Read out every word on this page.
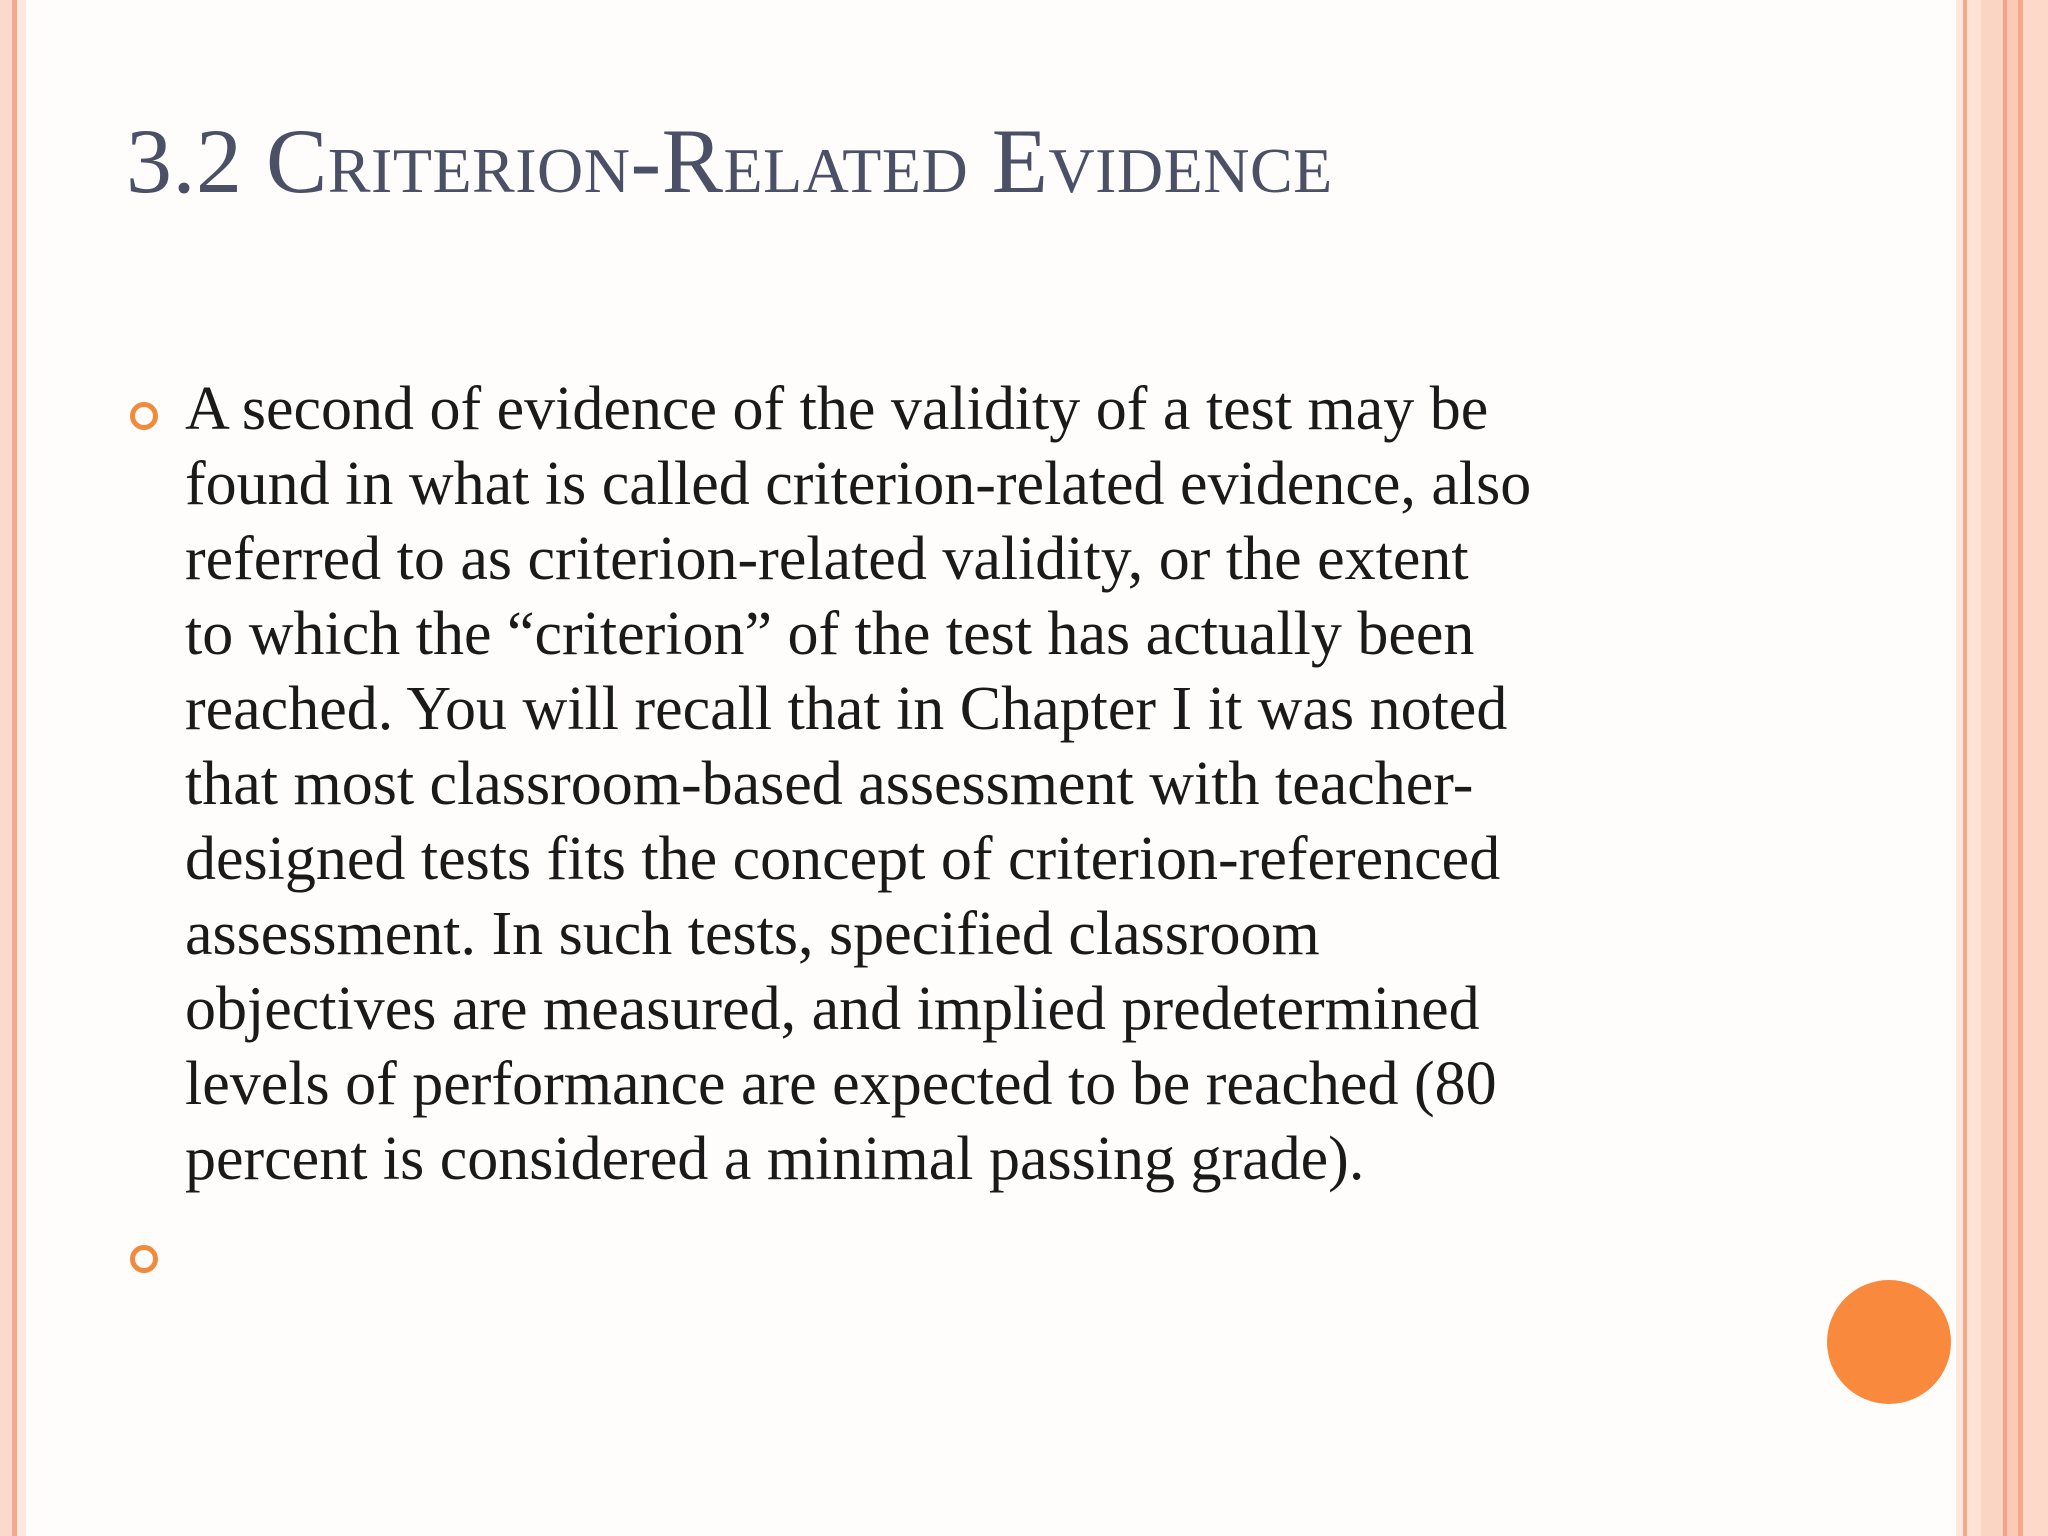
3.2 Criterion-Related Evidence

A second of evidence of the validity of a test may be
found in what is called criterion-related evidence, also
referred to as criterion-related validity, or the extent
to which the “criterion” of the test has actually been
reached. You will recall that in Chapter I it was noted
that most classroom-based assessment with teacher-
designed tests fits the concept of criterion-referenced
assessment. In such tests, specified classroom
objectives are measured, and implied predetermined
levels of performance are expected to be reached (80
percent is considered a minimal passing grade).
